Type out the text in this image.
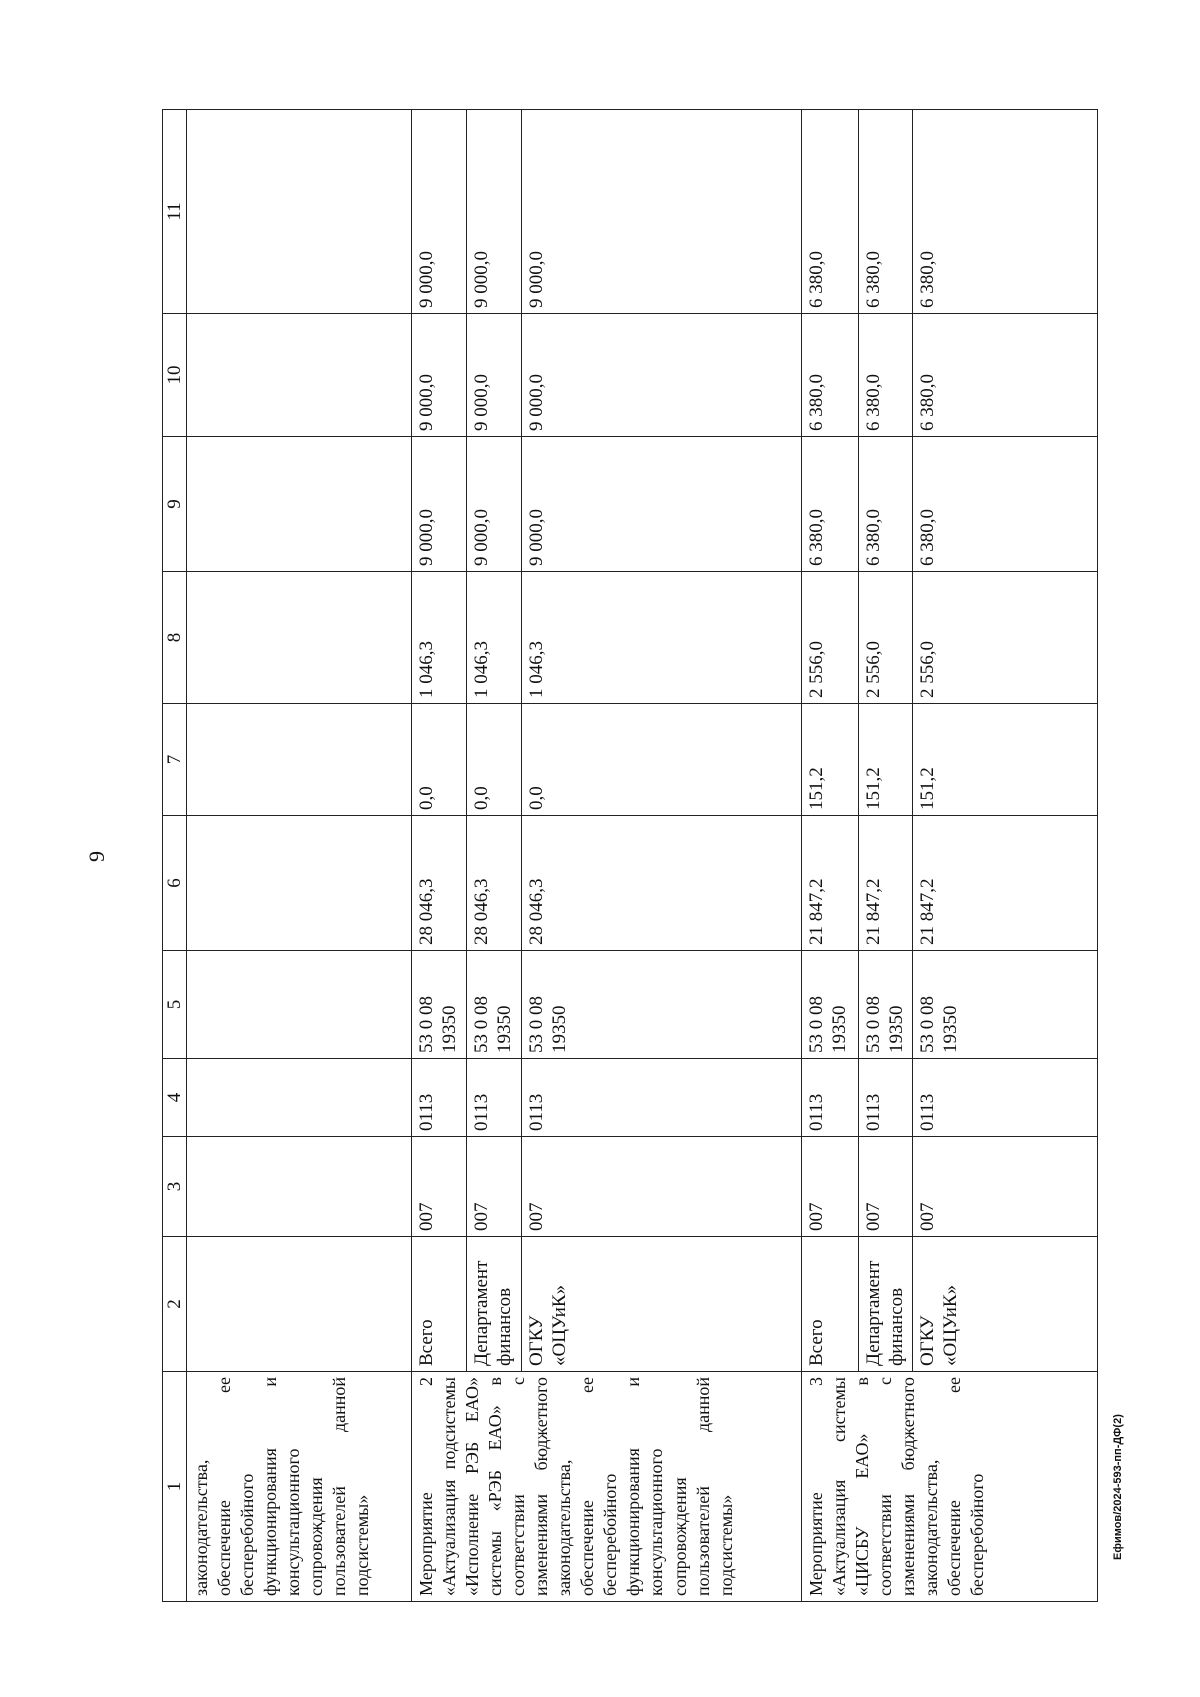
9
1	2	3	4	5	6	7	8	9	10	11
законодательства, обеспечение ее бесперебойного функционирования и консультационного сопровождения пользователей данной подсистемы»										
Мероприятие 2 «Актуализация подсистемы «Исполнение РЭБ ЕАО» системы «РЭБ ЕАО» в соответствии с изменениями бюджетного законодательства, обеспечение ее бесперебойного функционирования и консультационного сопровождения пользователей данной подсистемы»	Всего	007	0113	53 0 08 19350	28 046,3	0,0	1 046,3	9 000,0	9 000,0	9 000,0
	Департамент финансов	007	0113	53 0 08 19350	28 046,3	0,0	1 046,3	9 000,0	9 000,0	9 000,0
	ОГКУ «ОЦУиК»	007	0113	53 0 08 19350	28 046,3	0,0	1 046,3	9 000,0	9 000,0	9 000,0
Мероприятие 3 «Актуализация системы «ЦИСБУ ЕАО» в соответствии с изменениями бюджетного законодательства, обеспечение ее бесперебойного	Всего	007	0113	53 0 08 19350	21 847,2	151,2	2 556,0	6 380,0	6 380,0	6 380,0
	Департамент финансов	007	0113	53 0 08 19350	21 847,2	151,2	2 556,0	6 380,0	6 380,0	6 380,0
	ОГКУ «ОЦУиК»	007	0113	53 0 08 19350	21 847,2	151,2	2 556,0	6 380,0	6 380,0	6 380,0
Ефимов/2024-593-пп-ДФ(2)
